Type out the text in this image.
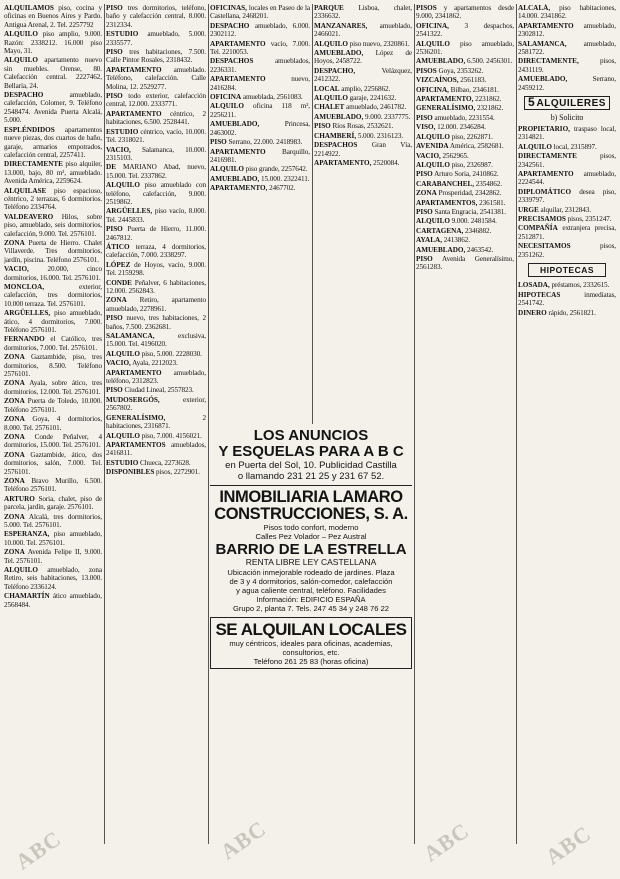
ALQUILAMOS piso, cocina y oficinas en Buenos Aires y Pardo. Antigua Arenal, 2. Tel. 2257792

ALQUILO piso amplio, 9.000. Razón: 2338212. 16.000 piso Mayo, 31.

ALQUILO apartamento nuevo sin muebles. Orense, 80. Calefacción central. 2227462, Bellaría, 24.

DESPACHO amueblado, calefacción, Colomer, 9. Teléfono 2548474. Avenida Puerta Alcalá, 5.000.

ESPLÉNDIDOS apartamentos nueve piezas, dos cuartos de baño, garaje, armarios empotrados, calefacción central, 2257411.

DIRECTAMENTE piso alquiler, 13.000, bajo, 80 m², amueblado. Avenida América, 2259624.

ALQUILASE piso espacioso, céntrico, 2 terrazas, 6 dormitorios. Teléfono 2334764.

VALDEAVERO Hilos, sobre piso, amueblado, seis dormitorios, calefacción, 9.000. Tel. 2576101.

ZONA Puerta de Hierro. Chalet Villaverde. Tres dormitorios, jardín, piscina. Teléfono 2576101.

VACIO, 20.000, cinco dormitorios, 16.000. Tel. 2576101.

MONCLOA, exterior, calefacción, tres dormitorios, 10.000 terraza. Tel. 2576101.

ARGÜELLES, piso amueblado, ático, 4 dormitorios, 7.000. Teléfono 2576101.

FERNANDO el Católico, tres dormitorios, 7.000. Tel. 2576101.

ZONA Gaztambide, piso, tres dormitorios, 8.500. Teléfono 2576101.

ZONA Ayala, sobre ático, tres dormitorios, 12.000. Tel. 2576101.

ZONA Puerta de Toledo, 10.000. Teléfono 2576101.

ZONA Goya, 4 dormitorios, 8.000. Tel. 2576101.

ZONA Conde Peñalver, 4 dormitorios, 15.000. Tel. 2576101.

ZONA Gaztambide, ático, dos dormitorios, salón, 7.000. Tel. 2576101.

ZONA Bravo Murillo, 6.500. Teléfono 2576101.

ARTURO Soria, chalet, piso de parcela, jardín, garaje. 2576101.

ZONA Alcalá, tres dormitorios, 5.000. Tel. 2576101.

ESPERANZA, piso amueblado, 10.000. Tel. 2576101.

ZONA Avenida Felipe II, 9.000. Tel. 2576101.

ALQUILO amueblado, zona Retiro, seis habitaciones, 13.000. Teléfono 2336124.

CHAMARTÍN ático amueblado, 2568484.

PISO tres dormitorios, teléfono, baño y calefacción central, 8.000. 2312334.

ESTUDIO amueblado, 5.000. 2335577.

PISO tres habitaciones, 7.500. Calle Pintor Rosales, 2318432.

APARTAMENTO amueblado. Teléfono, calefacción. Calle Molina, 12. 2529277.

PISO todo exterior, calefacción central, 12.000. 2333771.

APARTAMENTO céntrico, 2 habitaciones, 6.500. 2528441.

ESTUDIO céntrico, vacío, 10.000. Tel. 2318021.

VACIO, Salamanca, 10.000. 2315103.

DE MARIANO Abad, nuevo, 15.000. Tel. 2337862.

ALQUILO piso amueblado con teléfono, calefacción, 9.000. 2519862.

ARGÜELLES, piso vacío, 8.000. Tel. 2445833.

PISO Puerta de Hierro, 11.000. 2467812.

ÁTICO terraza, 4 dormitorios, calefacción, 7.000. 2338297.

LÓPEZ de Hoyos, vacío, 9.000. Tel. 2159298.

CONDE Peñalver, 6 habitaciones, 12.000. 2562843.

ZONA Retiro, apartamento amueblado, 2278961.

PISO nuevo, tres habitaciones, 2 baños, 7.500. 2362681.

SALAMANCA, exclusiva, 15.000. Tel. 4196020.

ALQUILO piso, 5.000. 2228030.

VACIO, Ayala, 2212023.

APARTAMENTO amueblado, teléfono, 2312823.

PISO Ciudad Lineal, 2557823.

MUDOSERGÓS, exterior, 2567802.

GENERALÍSIMO, 2 habitaciones, 2316871.

ALQUILO piso, 7.000. 4156021.

APARTAMENTOS amueblados, 2416811.

ESTUDIO Chueca, 2273628.

DISPONIBLES pisos, 2272901.

OFICINAS, locales en Paseo de la Castellana, 2468201.

DESPACHO amueblado, 6.000. 2302112.

APARTAMENTO vacío, 7.000. Tel. 2210053.

DESPACHOS amueblados, 2236331.

APARTAMENTO nuevo, 2416284.

OFICINA amueblada, 2561083.

ALQUILO oficina 118 m², 2256211.

AMUEBLADO, Princesa, 2463002.

PISO Serrano, 22.000. 2418983.

APARTAMENTO Barquillo, 2416981.

ALQUILO piso grande, 2257642.

AMUEBLADO, 15.000. 2322411.

APARTAMENTO, 2467702.

PARQUE Lisboa, chalet, 2336632.

MANZANARES, amueblado, 2466021.

ALQUILO piso nuevo, 2320861.

AMUEBLADO, López de Hoyos, 2458722.

DESPACHO, Velázquez, 2412322.

LOCAL amplio, 2256862.

ALQUILO garaje, 2241632.

CHALET amueblado, 2461782.

AMUEBLADO, 9.000. 2337775.

PISO Ríos Rosas, 2532621.

CHAMBERÍ, 5.000. 2316123.

DESPACHOS Gran Vía, 2214922.

APARTAMENTO, 2520084.

PISOS y apartamentos desde 9.000, 2341862.

OFICINA, 3 despachos, 2541322.

ALQUILO piso amueblado, 2536201.

AMUEBLADO, 6.500. 2456301.

PISOS Goya, 2353262.

VIZCAÍNOS, 2561183.

OFICINA, Bilbao, 2346181.

APARTAMENTO, 2231862.

GENERALÍSIMO, 2321862.

PISO amueblado, 2231554.

VISO, 12.000. 2346284.

ALQUILO piso, 2262871.

AVENIDA América, 2582681.

VACIO, 2562965.

ALQUILO piso, 2326987.

PISO Arturo Soria, 2410862.

CARABANCHEL, 2354862.

ZONA Prosperidad, 2342862.

APARTAMENTOS, 2361581.

PISO Santa Engracia, 2541381.

ALQUILO 9.000. 2481584.

CARTAGENA, 2346882.

AYALA, 2413862.

AMUEBLADO, 2463542.

PISO Avenida Generalísimo, 2561283.

ALCALÁ, piso habitaciones, 14.000. 2341862.

APARTAMENTO amueblado, 2302812.

SALAMANCA, amueblado, 2581722.

DIRECTAMENTE, pisos, 2431119.

AMUEBLADO, Serrano, 2459212.

5 ALQUILERES
b) Solicito

PROPIETARIO, traspaso local, 2314821.

ALQUILO local, 2315897.

DIRECTAMENTE pisos, 2342561.

APARTAMENTO amueblado, 2224544.

DIPLOMÁTICO desea piso, 2339797.

URGE alquilar, 2312843.

PRECISAMOS pisos, 2351247.

COMPAÑÍA extranjera precisa, 2512871.

NECESITAMOS pisos, 2351262.

HIPOTECAS

LOSADA, préstamos, 2332615.

HIPOTECAS inmediatas, 2541742.

DINERO rápido, 2561821.

LOS ANUNCIOS
Y ESQUELAS PARA A B C
en Puerta del Sol, 10. Publicidad Castilla
o llamando 231 21 25 y 231 67 52.
INMOBILIARIA LAMARO
CONSTRUCCIONES, S. A.
Pisos todo confort, moderno
Calles Pez Volador – Pez Austral
BARRIO DE LA ESTRELLA
RENTA LIBRE LEY CASTELLANA
Ubicación inmejorable rodeado de jardines. Plaza
de 3 y 4 dormitorios, salón-comedor, calefacción
y agua caliente central, teléfono. Facilidades
Información: EDIFICIO ESPAÑA
Grupo 2, planta 7. Tels. 247 45 34 y 248 76 22
SE ALQUILAN LOCALES
muy céntricos, ideales para oficinas, academias,
consultorios, etc.
Teléfono 261 25 83 (horas oficina)
ABC	ABC	ABC	ABC
